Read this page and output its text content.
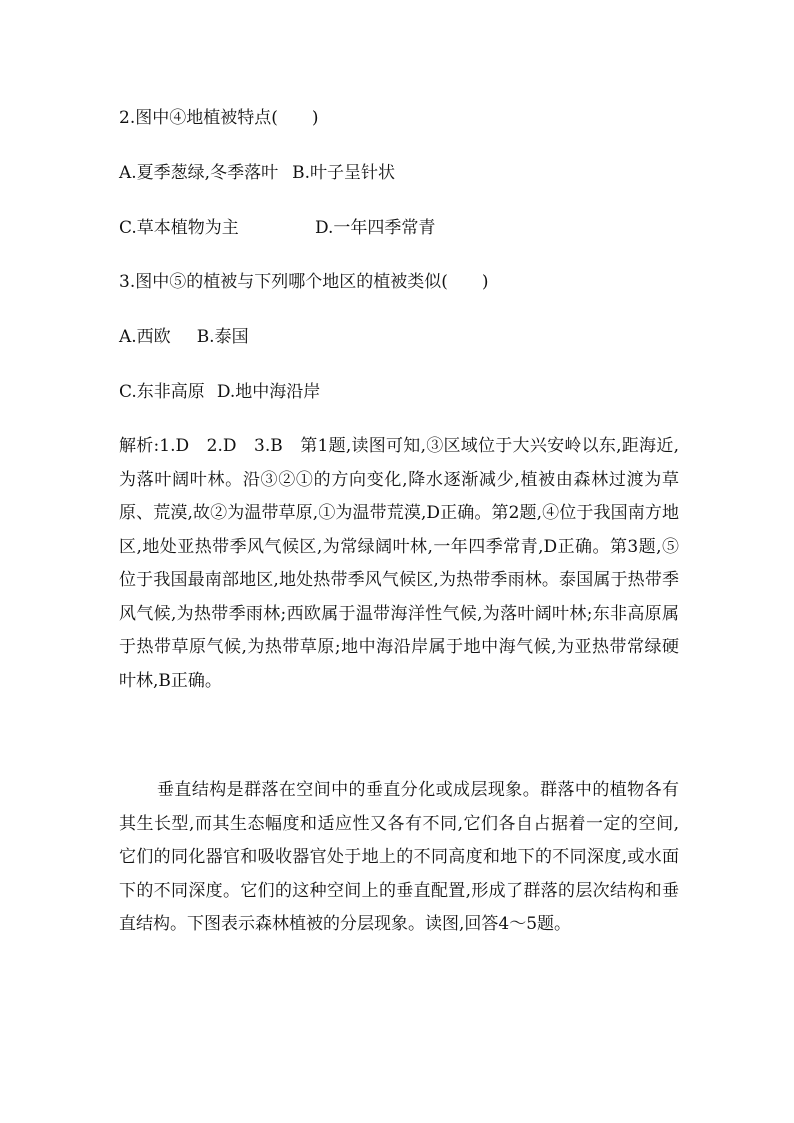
2.图中④地植被特点(　　)
A.夏季葱绿,冬季落叶 B.叶子呈针状
C.草本植物为主	D.一年四季常青
3.图中⑤的植被与下列哪个地区的植被类似(　　)
A.西欧 B.泰国
C.东非高原 D.地中海沿岸

解析:1.D　2.D　3.B　第1题,读图可知,③区域位于大兴安岭以东,距海近,为落叶阔叶林。沿③②①的方向变化,降水逐渐减少,植被由森林过渡为草原、荒漠,故②为温带草原,①为温带荒漠,D正确。第2题,④位于我国南方地区,地处亚热带季风气候区,为常绿阔叶林,一年四季常青,D正确。第3题,⑤位于我国最南部地区,地处热带季风气候区,为热带季雨林。泰国属于热带季风气候,为热带季雨林;西欧属于温带海洋性气候,为落叶阔叶林;东非高原属于热带草原气候,为热带草原;地中海沿岸属于地中海气候,为亚热带常绿硬叶林,B正确。

垂直结构是群落在空间中的垂直分化或成层现象。群落中的植物各有其生长型,而其生态幅度和适应性又各有不同,它们各自占据着一定的空间,它们的同化器官和吸收器官处于地上的不同高度和地下的不同深度,或水面下的不同深度。它们的这种空间上的垂直配置,形成了群落的层次结构和垂直结构。下图表示森林植被的分层现象。读图,回答4～5题。
